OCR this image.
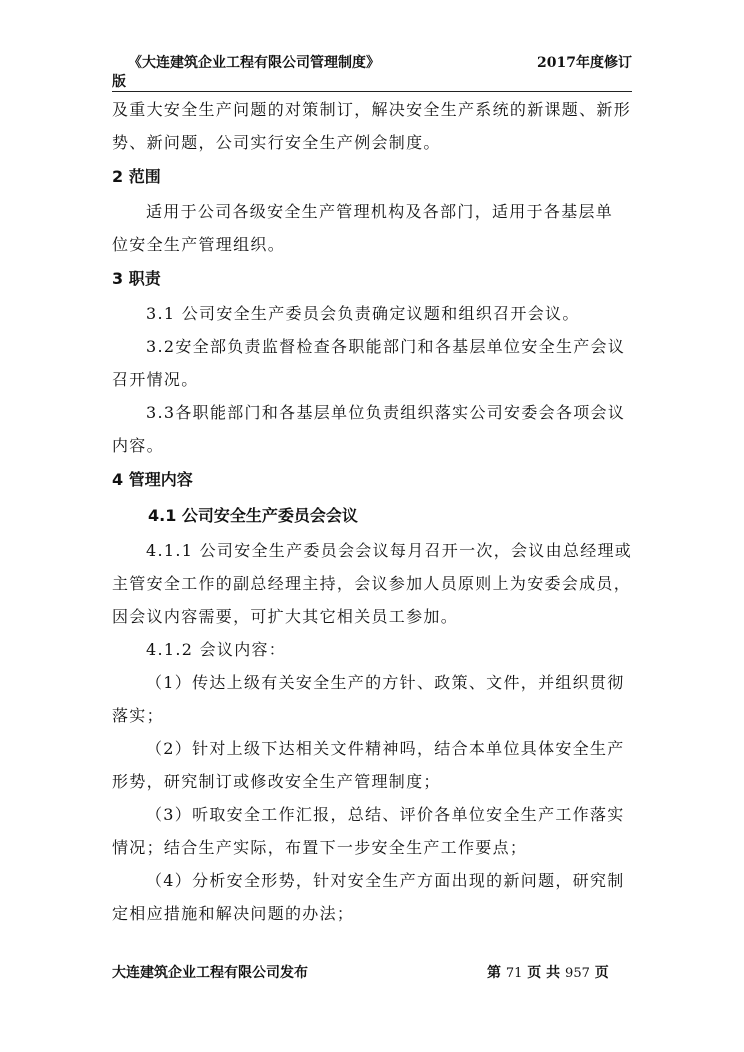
《大连建筑企业工程有限公司管理制度》	2017年度修订
版

及重大安全生产问题的对策制订，解决安全生产系统的新课题、新形

势、新问题，公司实行安全生产例会制度。

2 范围

适用于公司各级安全生产管理机构及各部门，适用于各基层单

位安全生产管理组织。

3 职责

3.1 公司安全生产委员会负责确定议题和组织召开会议。

3.2安全部负责监督检查各职能部门和各基层单位安全生产会议

召开情况。

3.3各职能部门和各基层单位负责组织落实公司安委会各项会议

内容。

4 管理内容

4.1 公司安全生产委员会会议

4.1.1 公司安全生产委员会会议每月召开一次，会议由总经理或

主管安全工作的副总经理主持，会议参加人员原则上为安委会成员，

因会议内容需要，可扩大其它相关员工参加。

4.1.2 会议内容：

（1）传达上级有关安全生产的方针、政策、文件，并组织贯彻

落实；

（2）针对上级下达相关文件精神吗，结合本单位具体安全生产

形势，研究制订或修改安全生产管理制度；

（3）听取安全工作汇报，总结、评价各单位安全生产工作落实

情况；结合生产实际，布置下一步安全生产工作要点；

（4）分析安全形势，针对安全生产方面出现的新问题，研究制

定相应措施和解决问题的办法；

大连建筑企业工程有限公司发布	第 71 页 共 957 页
